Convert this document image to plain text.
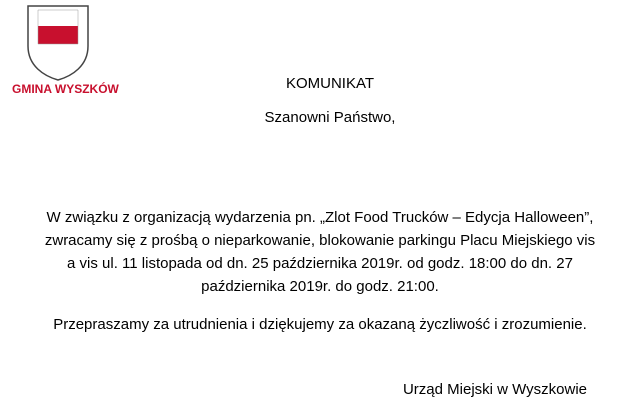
GMINA WYSZKÓW	KOMUNIKAT
Szanowni Państwo,
W związku z organizacją wydarzenia pn. „Zlot Food Trucków – Edycja Halloween”,
zwracamy się z prośbą o nieparkowanie, blokowanie parkingu Placu Miejskiego vis
a vis ul. 11 listopada od dn. 25 października 2019r. od godz. 18:00 do dn. 27
października 2019r. do godz. 21:00.
Przepraszamy za utrudnienia i dziękujemy za okazaną życzliwość i zrozumienie.
Urząd Miejski w Wyszkowie
